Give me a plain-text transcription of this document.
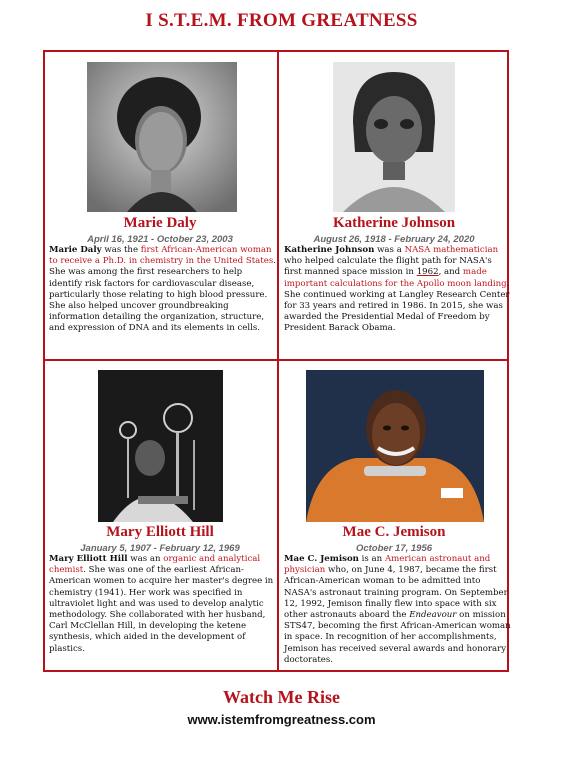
I S.T.E.M. FROM GREATNESS
Marie Daly
April 16, 1921 - October 23, 2003
Marie Daly was the first African-American woman to receive a Ph.D. in chemistry in the United States. She was among the first researchers to help identify risk factors for cardiovascular disease, particularly those relating to high blood pressure. She also helped uncover groundbreaking information detailing the organization, structure, and expression of DNA and its elements in cells.
Katherine Johnson
August 26, 1918 - February 24, 2020
Katherine Johnson was a NASA mathematician who helped calculate the flight path for NASA's first manned space mission in 1962, and made important calculations for the Apollo moon landing. She continued working at Langley Research Center for 33 years and retired in 1986. In 2015, she was awarded the Presidential Medal of Freedom by President Barack Obama.
Mary Elliott Hill
January 5, 1907 - February 12, 1969
Mary Elliott Hill was an organic and analytical chemist. She was one of the earliest African-American women to acquire her master's degree in chemistry (1941). Her work was specified in ultraviolet light and was used to develop analytic methodology. She collaborated with her husband, Carl McClellan Hill, in developing the ketene synthesis, which aided in the development of plastics.
Mae C. Jemison
October 17, 1956
Mae C. Jemison is an American astronaut and physician who, on June 4, 1987, became the first African-American woman to be admitted into NASA's astronaut training program. On September 12, 1992, Jemison finally flew into space with six other astronauts aboard the Endeavour on mission STS47, becoming the first African-American woman in space. In recognition of her accomplishments, Jemison has received several awards and honorary doctorates.
Watch Me Rise
www.istemfromgreatness.com
